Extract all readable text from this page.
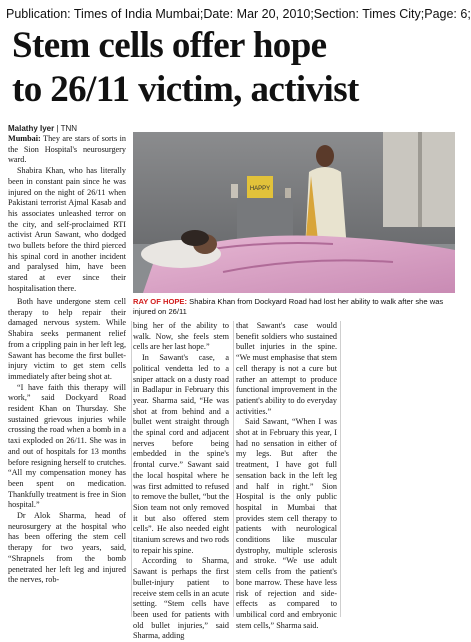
Publication: Times of India Mumbai;Date: Mar 20, 2010;Section: Times City;Page: 6;
Stem cells offer hope
to 26/11 victim, activist
Malathy Iyer | TNN
HAPPY
RAY OF HOPE: Shabira Khan from Dockyard Road had lost her ability to walk after she was injured on 26/11

Mumbai: They are stars of sorts in the Sion Hospital's neurosurgery ward.

Shabira Khan, who has literally been in constant pain since he was injured on the night of 26/11 when Pakistani terrorist Ajmal Kasab and his associates unleashed terror on the city, and self-proclaimed RTI activist Arun Sawant, who dodged two bullets before the third pierced his spinal cord in another incident and paralysed him, have been stared at ever since their hospitalisation there.

Both have undergone stem cell therapy to help repair their damaged nervous system. While Shabira seeks permanent relief from a crippling pain in her left leg, Sawant has become the first bullet-injury victim to get stem cells immediately after being shot at.

“I have faith this therapy will work,” said Dockyard Road resident Khan on Thursday. She sustained grievous injuries while crossing the road when a bomb in a taxi exploded on 26/11. She was in and out of hospitals for 13 months before resigning herself to crutches. “All my compensation money has been spent on medication. Thankfully treatment is free in Sion hospital.”

Dr Alok Sharma, head of neurosurgery at the hospital who has been offering the stem cell therapy for two years, said, “Shrapnels from the bomb penetrated her left leg and injured the nerves, rob-

bing her of the ability to walk. Now, she feels stem cells are her last hope.”

In Sawant's case, a political vendetta led to a sniper attack on a dusty road in Badlapur in February this year. Sharma said, “He was shot at from behind and a bullet went straight through the spinal cord and adjacent nerves before being embedded in the spine's frontal curve.” Sawant said the local hospital where he was first admitted to refused to remove the bullet, “but the Sion team not only removed it but also offered stem cells”. He also needed eight titanium screws and two rods to repair his spine.

According to Sharma, Sawant is perhaps the first bullet-injury patient to receive stem cells in an acute setting. “Stem cells have been used for patients with old bullet injuries,” said Sharma, adding

that Sawant's case would benefit soldiers who sustained bullet injuries in the spine. “We must emphasise that stem cell therapy is not a cure but rather an attempt to produce functional improvement in the patient's ability to do everyday activities.”

Said Sawant, “When I was shot at in February this year, I had no sensation in either of my legs. But after the treatment, I have got full sensation back in the left leg and half in right.” Sion Hospital is the only public hospital in Mumbai that provides stem cell therapy to patients with neurological conditions like muscular dystrophy, multiple sclerosis and stroke. “We use adult stem cells from the patient's bone marrow. These have less risk of rejection and side-effects as compared to umbilical cord and embryonic stem cells,” Sharma said.
